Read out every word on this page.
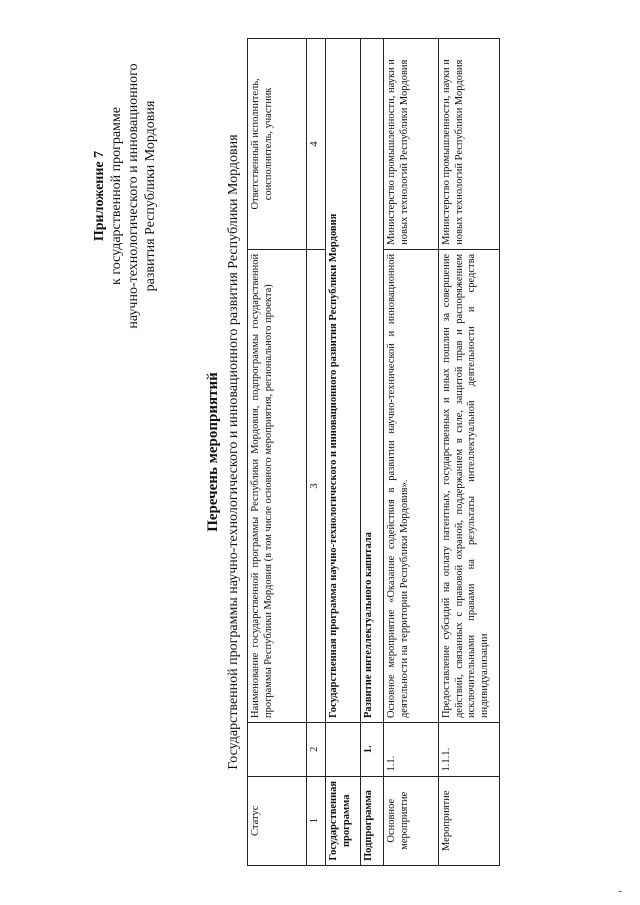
Приложение 7 к государственной программе научно-технологического и инновационного развития Республики Мордовия
Перечень мероприятий Государственной программы научно-технологического и инновационного развития Республики Мордовия
Статус		Наименование государственной программы Республики Мордовия, подпрограммы государственной программы Республики Мордовия (в том числе основного мероприятия, регионального проекта)	Ответственный исполнитель, соисполнитель, участник
1	2	3	4
Государственная программа		Государственная программа научно-технологического и инновационного развития Республики Мордовия	
Подпрограмма	1.	Развитие интеллектуального капитала	
Основное мероприятие	1.1.	Основное мероприятие «Оказание содействия в развитии научно-технической и инновационной деятельности на территории Республики Мордовия».	Министерство промышленности, науки и новых технологий Республики Мордовия
Мероприятие	1.1.1.	Предоставление субсидий на оплату патентных, государственных и иных пошлин за совершение действий, связанных с правовой охраной, поддержанием в силе, защитой прав и распоряжением исключительными правами на результаты интеллектуальной деятельности и средства индивидуализации	Министерство промышленности, науки и новых технологий Республики Мордовия
-
